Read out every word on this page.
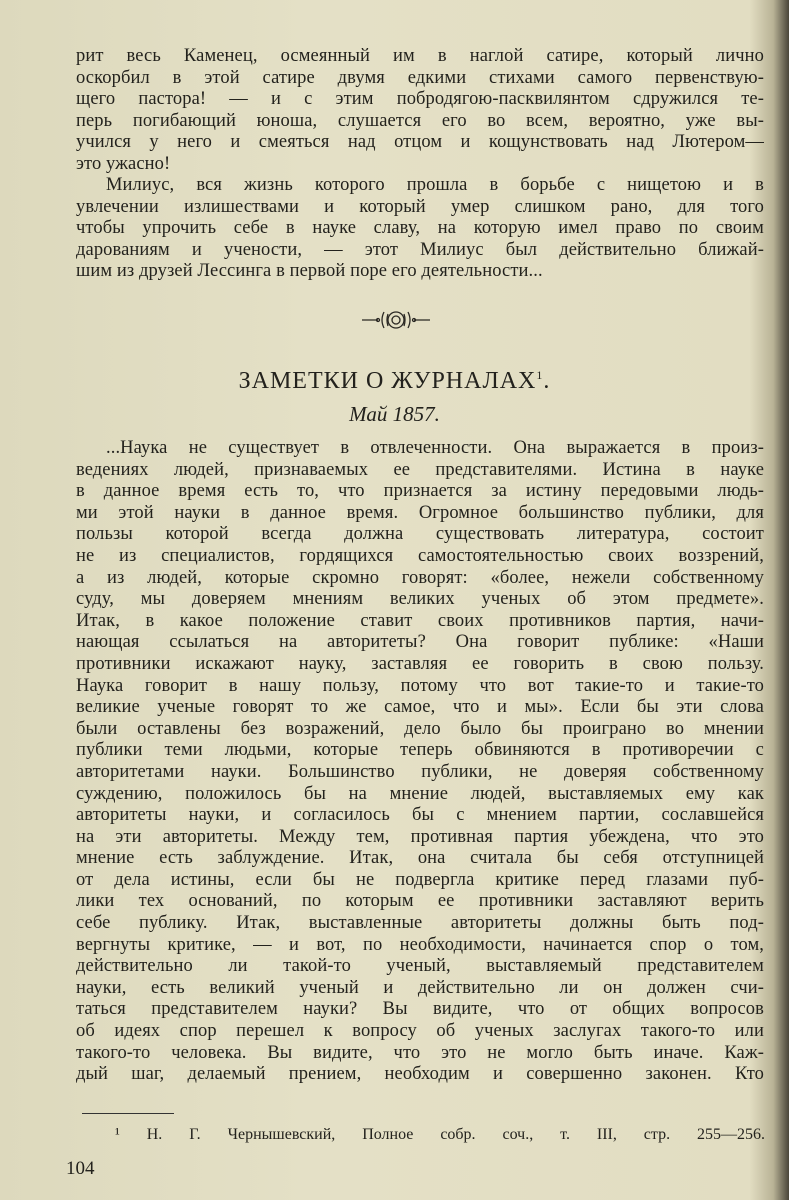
рит весь Каменец, осмеянный им в наглой сатире, который лично
оскорбил в этой сатире двумя едкими стихами самого первенствую-
щего пастора! — и с этим побродягою-пасквилянтом сдружился те-
перь погибающий юноша, слушается его во всем, вероятно, уже вы-
учился у него и смеяться над отцом и кощунствовать над Лютером—
это ужасно!
Милиус, вся жизнь которого прошла в борьбе с нищетою и в
увлечении излишествами и который умер слишком рано, для того
чтобы упрочить себе в науке славу, на которую имел право по своим
дарованиям и учености, — этот Милиус был действительно ближай-
шим из друзей Лессинга в первой поре его деятельности...
ЗАМЕТКИ О ЖУРНАЛАХ$^1$.
Май 1857.
...Наука не существует в отвлеченности. Она выражается в произ-
ведениях людей, признаваемых ее представителями. Истина в науке
в данное время есть то, что признается за истину передовыми людь-
ми этой науки в данное время. Огромное большинство публики, для
пользы которой всегда должна существовать литература, состоит
не из специалистов, гордящихся самостоятельностью своих воззрений,
а из людей, которые скромно говорят: «более, нежели собственному
суду, мы доверяем мнениям великих ученых об этом предмете».
Итак, в какое положение ставит своих противников партия, начи-
нающая ссылаться на авторитеты? Она говорит публике: «Наши
противники искажают науку, заставляя ее говорить в свою пользу.
Наука говорит в нашу пользу, потому что вот такие-то и такие-то
великие ученые говорят то же самое, что и мы». Если бы эти слова
были оставлены без возражений, дело было бы проиграно во мнении
публики теми людьми, которые теперь обвиняются в противоречии с
авторитетами науки. Большинство публики, не доверяя собственному
суждению, положилось бы на мнение людей, выставляемых ему как
авторитеты науки, и согласилось бы с мнением партии, сославшейся
на эти авторитеты. Между тем, противная партия убеждена, что это
мнение есть заблуждение. Итак, она считала бы себя отступницей
от дела истины, если бы не подвергла критике перед глазами пуб-
лики тех оснований, по которым ее противники заставляют верить
себе публику. Итак, выставленные авторитеты должны быть под-
вергнуты критике, — и вот, по необходимости, начинается спор о том,
действительно ли такой-то ученый, выставляемый представителем
науки, есть великий ученый и действительно ли он должен счи-
таться представителем науки? Вы видите, что от общих вопросов
об идеях спор перешел к вопросу об ученых заслугах такого-то или
такого-то человека. Вы видите, что это не могло быть иначе. Каж-
дый шаг, делаемый прением, необходим и совершенно законен. Кто
¹ Н. Г. Чернышевский, Полное собр. соч., т. III, стр. 255—256.
104
